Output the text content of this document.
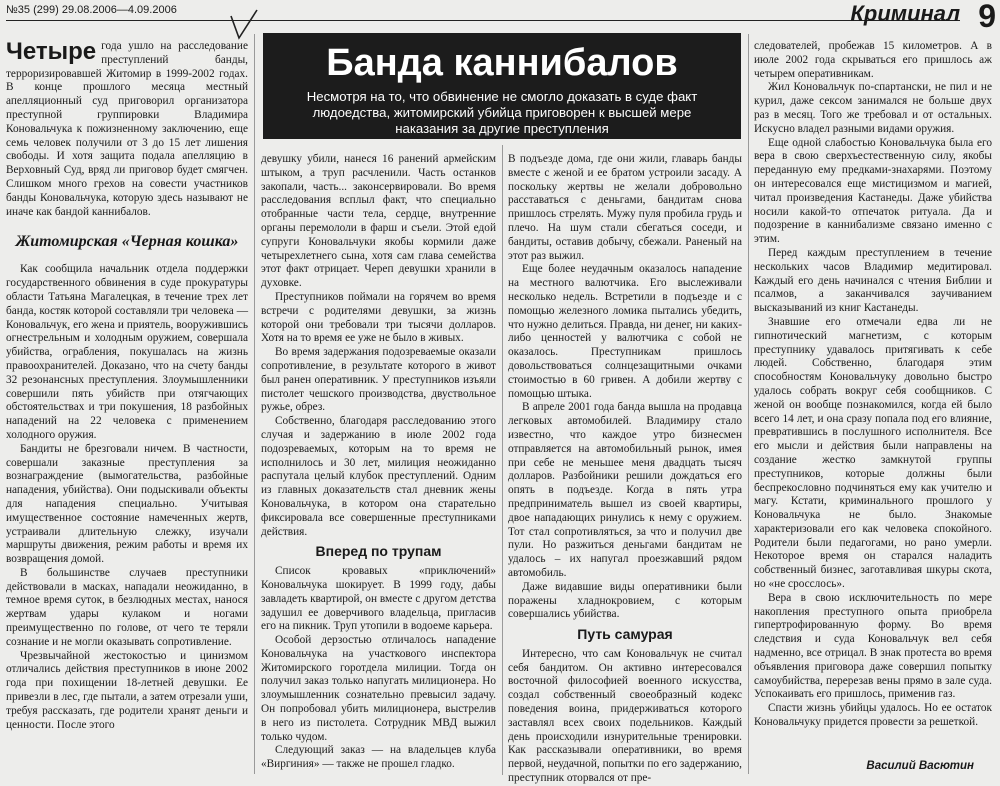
№35 (299) 29.08.2006—4.09.2006	Криминал 9
Банда каннибалов
Несмотря на то, что обвинение не смогло доказать в суде факт людоедства, житомирский убийца приговорен к высшей мере наказания за другие преступления

Четыре года ушло на расследование преступлений банды, терроризировавшей Житомир в 1999-2002 годах. В конце прошлого месяца местный апелляционный суд приговорил организатора преступной группировки Владимира Коновальчука к пожизненному заключению, еще семь человек получили от 3 до 15 лет лишения свободы. И хотя защита подала апелляцию в Верховный Суд, вряд ли приговор будет смягчен. Слишком много грехов на совести участников банды Коновальчука, которую здесь называют не иначе как бандой каннибалов.

Житомирская «Черная кошка»

Как сообщила начальник отдела поддержки государственного обвинения в суде прокуратуры области Татьяна Магалецкая, в течение трех лет банда, костяк которой составляли три человека — Коновальчук, его жена и приятель, вооружившись огнестрельным и холодным оружием, совершала убийства, ограбления, покушалась на жизнь правоохранителей. Доказано, что на счету банды 32 резонансных преступления. Злоумышленники совершили пять убийств при отягчающих обстоятельствах и три покушения, 18 разбойных нападений на 22 человека с применением холодного оружия.

Бандиты не брезговали ничем. В частности, совершали заказные преступления за вознаграждение (вымогательства, разбойные нападения, убийства). Они подыскивали объекты для нападения специально. Учитывая имущественное состояние намеченных жертв, устраивали длительную слежку, изучали маршруты движения, режим работы и время их возвращения домой.

В большинстве случаев преступники действовали в масках, нападали неожиданно, в темное время суток, в безлюдных местах, нанося жертвам удары кулаком и ногами преимущественно по голове, от чего те теряли сознание и не могли оказывать сопротивление.

Чрезвычайной жестокостью и цинизмом отличались действия преступников в июне 2002 года при похищении 18-летней девушки. Ее привезли в лес, где пытали, а затем отрезали уши, требуя рассказать, где родители хранят деньги и ценности. После этого

девушку убили, нанеся 16 ранений армейским штыком, а труп расчленили. Часть останков закопали, часть... законсервировали. Во время расследования всплыл факт, что специально отобранные части тела, сердце, внутренние органы перемололи в фарш и съели. Этой едой супруги Коновальчуки якобы кормили даже четырехлетнего сына, хотя сам глава семейства этот факт отрицает. Череп девушки хранили в духовке.

Преступников поймали на горячем во время встречи с родителями девушки, за жизнь которой они требовали три тысячи долларов. Хотя на то время ее уже не было в живых.

Во время задержания подозреваемые оказали сопротивление, в результате которого в живот был ранен оперативник. У преступников изъяли пистолет чешского производства, двуствольное ружье, обрез.

Собственно, благодаря расследованию этого случая и задержанию в июле 2002 года подозреваемых, которым на то время не исполнилось и 30 лет, милиция неожиданно распутала целый клубок преступлений. Одним из главных доказательств стал дневник жены Коновальчука, в котором она старательно фиксировала все совершенные преступниками действия.

Вперед по трупам

Список кровавых «приключений» Коновальчука шокирует. В 1999 году, дабы завладеть квартирой, он вместе с другом детства задушил ее доверчивого владельца, пригласив его на пикник. Труп утопили в водоеме карьера.

Особой дерзостью отличалось нападение Коновальчука на участкового инспектора Житомирского горотдела милиции. Тогда он получил заказ только напугать милиционера. Но злоумышленник сознательно превысил задачу. Он попробовал убить милиционера, выстрелив в него из пистолета. Сотрудник МВД выжил только чудом.

Следующий заказ — на владельцев клуба «Виргиния» — также не прошел гладко.

В подъезде дома, где они жили, главарь банды вместе с женой и ее братом устроили засаду. А поскольку жертвы не желали добровольно расставаться с деньгами, бандитам снова пришлось стрелять. Мужу пуля пробила грудь и плечо. На шум стали сбегаться соседи, и бандиты, оставив добычу, сбежали. Раненый на этот раз выжил.

Еще более неудачным оказалось нападение на местного валютчика. Его выслеживали несколько недель. Встретили в подъезде и с помощью железного ломика пытались убедить, что нужно делиться. Правда, ни денег, ни каких-либо ценностей у валютчика с собой не оказалось. Преступникам пришлось довольствоваться солнцезащитными очками стоимостью в 60 гривен. А добили жертву с помощью штыка.

В апреле 2001 года банда вышла на продавца легковых автомобилей. Владимиру стало известно, что каждое утро бизнесмен отправляется на автомобильный рынок, имея при себе не меньшее меня двадцать тысяч долларов. Разбойники решили дождаться его опять в подъезде. Когда в пять утра предприниматель вышел из своей квартиры, двое нападающих ринулись к нему с оружием. Тот стал сопротивляться, за что и получил две пули. Но разжиться деньгами бандитам не удалось – их напугал проезжавший рядом автомобиль.

Даже видавшие виды оперативники были поражены хладнокровием, с которым совершались убийства.

Путь самурая

Интересно, что сам Коновальчук не считал себя бандитом. Он активно интересовался восточной философией военного искусства, создал собственный своеобразный кодекс поведения воина, придерживаться которого заставлял всех своих подельников. Каждый день происходили изнурительные тренировки. Как рассказывали оперативники, во время первой, неудачной, попытки по его задержанию, преступник оторвался от пре-

следователей, пробежав 15 километров. А в июле 2002 года скрываться его пришлось аж четырем оперативникам.

Жил Коновальчук по-спартански, не пил и не курил, даже сексом занимался не больше двух раз в месяц. Того же требовал и от остальных. Искусно владел разными видами оружия.

Еще одной слабостью Коновальчука была его вера в свою сверхъестественную силу, якобы переданную ему предками-знахарями. Поэтому он интересовался еще мистицизмом и магией, читал произведения Кастанеды. Даже убийства носили какой-то отпечаток ритуала. Да и подозрение в каннибализме связано именно с этим.

Перед каждым преступлением в течение нескольких часов Владимир медитировал. Каждый его день начинался с чтения Библии и псалмов, а заканчивался заучиванием высказываний из книг Кастанеды.

Знавшие его отмечали едва ли не гипнотический магнетизм, с которым преступнику удавалось притягивать к себе людей. Собственно, благодаря этим способностям Коновальчуку довольно быстро удалось собрать вокруг себя сообщников. С женой он вообще познакомился, когда ей было всего 14 лет, и она сразу попала под его влияние, превратившись в послушного исполнителя. Все его мысли и действия были направлены на создание жестко замкнутой группы преступников, которые должны были беспрекословно подчиняться ему как учителю и магу. Кстати, криминального прошлого у Коновальчука не было. Знакомые характеризовали его как человека спокойного. Родители были педагогами, но рано умерли. Некоторое время он старался наладить собственный бизнес, заготавливая шкуры скота, но «не сросслось».

Вера в свою исключительность по мере накопления преступного опыта приобрела гипертрофированную форму. Во время следствия и суда Коновальчук вел себя надменно, все отрицал. В знак протеста во время объявления приговора даже совершил попытку самоубийства, перерезав вены прямо в зале суда. Успокаивать его пришлось, применив газ.

Спасти жизнь убийцы удалось. Но ее остаток Коновальчуку придется провести за решеткой.

Василий Васютин
